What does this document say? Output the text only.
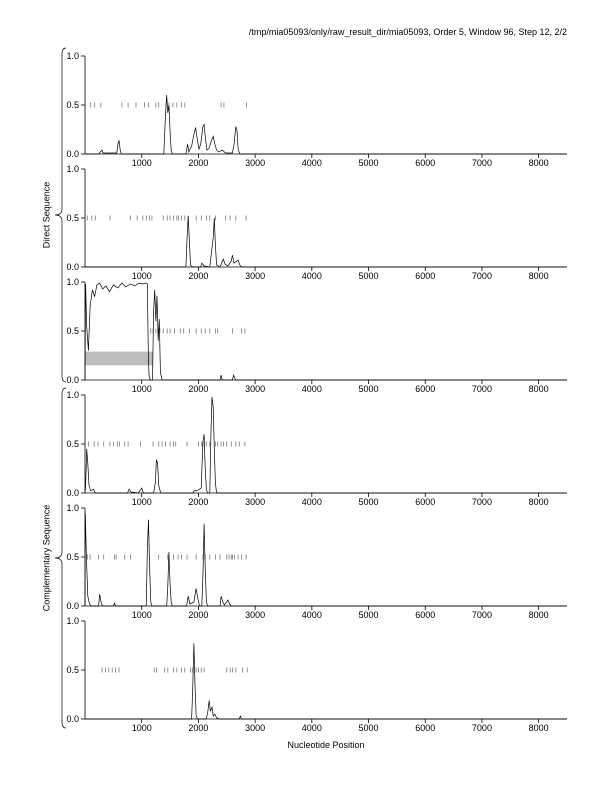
/tmp/mia05093/only/raw_result_dir/mia05093, Order 5, Window 96, Step 12, 2/2
0.0
0.5
1.0
1000	2000	3000	4000	5000	6000	7000	8000
0.0
0.5
1.0
1000	2000	3000	4000	5000	6000	7000	8000
0.0
0.5
1.0
1000	2000	3000	4000	5000	6000	7000	8000
0.0
0.5
1.0
1000	2000	3000	4000	5000	6000	7000	8000
0.0
0.5
1.0
1000	2000	3000	4000	5000	6000	7000	8000
0.0
0.5
1.0
1000	2000	3000	4000	5000	6000	7000	8000
Direct Sequence
Complementary Sequence
Nucleotide Position
